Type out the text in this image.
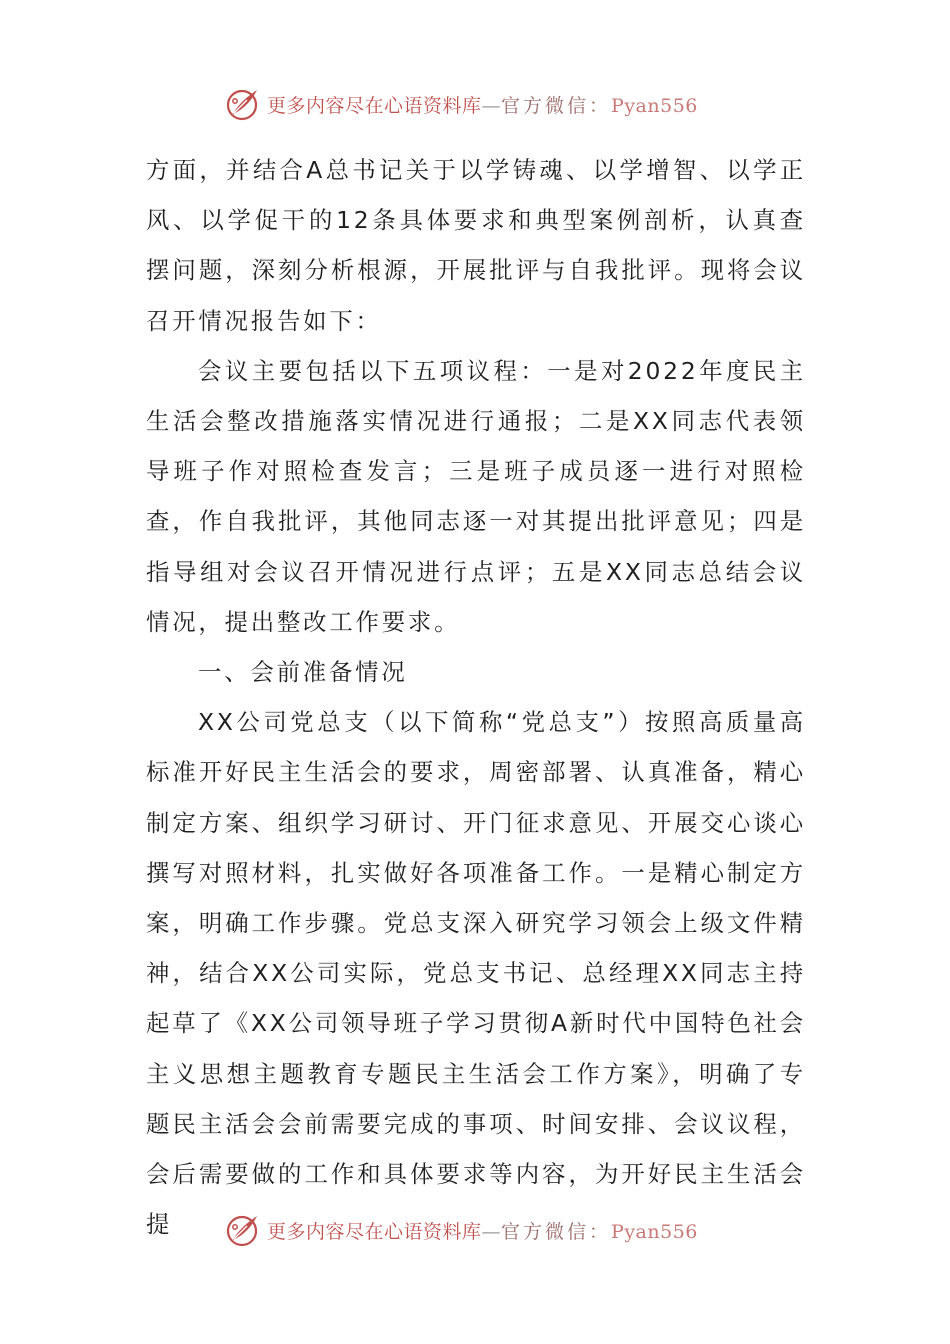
更多内容尽在心语资料库—官方微信：Pyan556

方面，并结合A总书记关于以学铸魂、以学增智、以学正风、以学促干的12条具体要求和典型案例剖析，认真查摆问题，深刻分析根源，开展批评与自我批评。现将会议召开情况报告如下：

会议主要包括以下五项议程：一是对2022年度民主生活会整改措施落实情况进行通报；二是XX同志代表领导班子作对照检查发言；三是班子成员逐一进行对照检查，作自我批评，其他同志逐一对其提出批评意见；四是指导组对会议召开情况进行点评；五是XX同志总结会议情况，提出整改工作要求。

一、会前准备情况

XX公司党总支（以下简称“党总支”）按照高质量高标准开好民主生活会的要求，周密部署、认真准备，精心制定方案、组织学习研讨、开门征求意见、开展交心谈心撰写对照材料，扎实做好各项准备工作。一是精心制定方案，明确工作步骤。党总支深入研究学习领会上级文件精神，结合XX公司实际，党总支书记、总经理XX同志主持起草了《XX公司领导班子学习贯彻A新时代中国特色社会主义思想主题教育专题民主生活会工作方案》，明确了专题民主活会会前需要完成的事项、时间安排、会议议程，会后需要做的工作和具体要求等内容，为开好民主生活会提	更多内容尽在心语资料库—官方微信：Pyan556
